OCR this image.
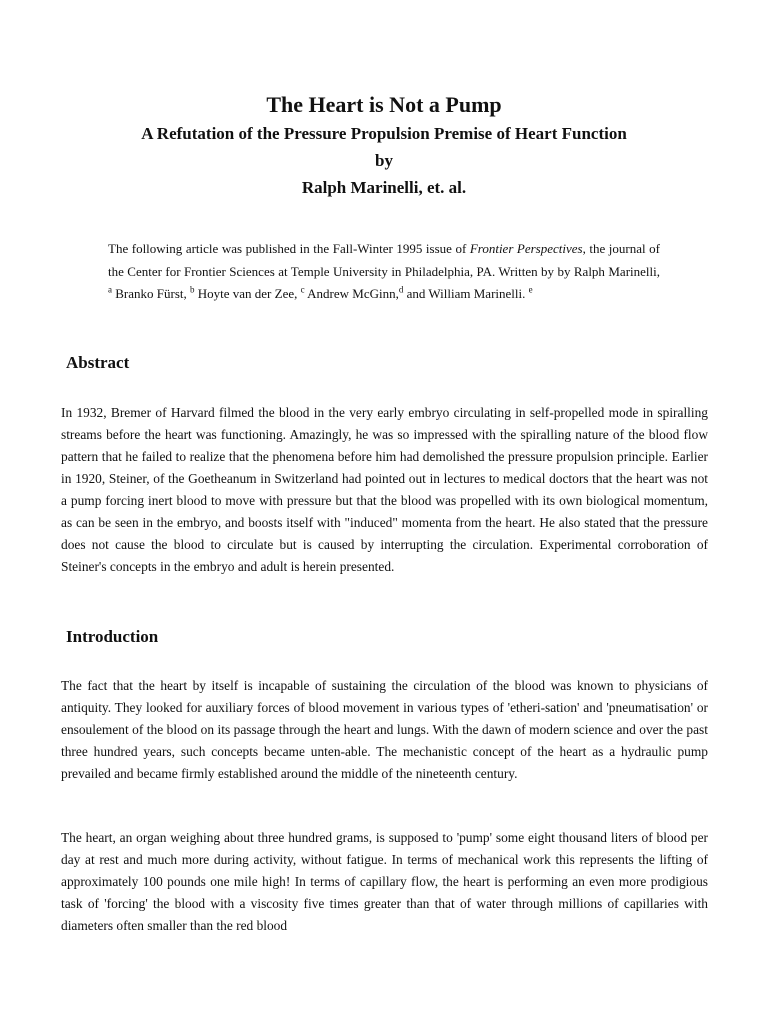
The Heart is Not a Pump

A Refutation of the Pressure Propulsion Premise of Heart Function

by

Ralph Marinelli, et. al.

The following article was published in the Fall-Winter 1995 issue of Frontier Perspectives, the journal of the Center for Frontier Sciences at Temple University in Philadelphia, PA. Written by by Ralph Marinelli, $^a$ Branko Fürst, $^b$ Hoyte van der Zee, $^c$ Andrew McGinn,$^d$ and William Marinelli. $^e$

Abstract

In 1932, Bremer of Harvard filmed the blood in the very early embryo circulating in self-propelled mode in spiralling streams before the heart was functioning. Amazingly, he was so impressed with the spiralling nature of the blood flow pattern that he failed to realize that the phenomena before him had demolished the pressure propulsion principle. Earlier in 1920, Steiner, of the Goetheanum in Switzerland had pointed out in lectures to medical doctors that the heart was not a pump forcing inert blood to move with pressure but that the blood was propelled with its own biological momentum, as can be seen in the embryo, and boosts itself with "induced" momenta from the heart. He also stated that the pressure does not cause the blood to circulate but is caused by interrupting the circulation. Experimental corroboration of Steiner's concepts in the embryo and adult is herein presented.

Introduction

The fact that the heart by itself is incapable of sustaining the circulation of the blood was known to physicians of antiquity. They looked for auxiliary forces of blood movement in various types of 'etheri-sation' and 'pneumatisation' or ensoulement of the blood on its passage through the heart and lungs. With the dawn of modern science and over the past three hundred years, such concepts became unten-able. The mechanistic concept of the heart as a hydraulic pump prevailed and became firmly established around the middle of the nineteenth century.

The heart, an organ weighing about three hundred grams, is supposed to 'pump' some eight thousand liters of blood per day at rest and much more during activity, without fatigue. In terms of mechanical work this represents the lifting of approximately 100 pounds one mile high! In terms of capillary flow, the heart is performing an even more prodigious task of 'forcing' the blood with a viscosity five times greater than that of water through millions of capillaries with diameters often smaller than the red blood
